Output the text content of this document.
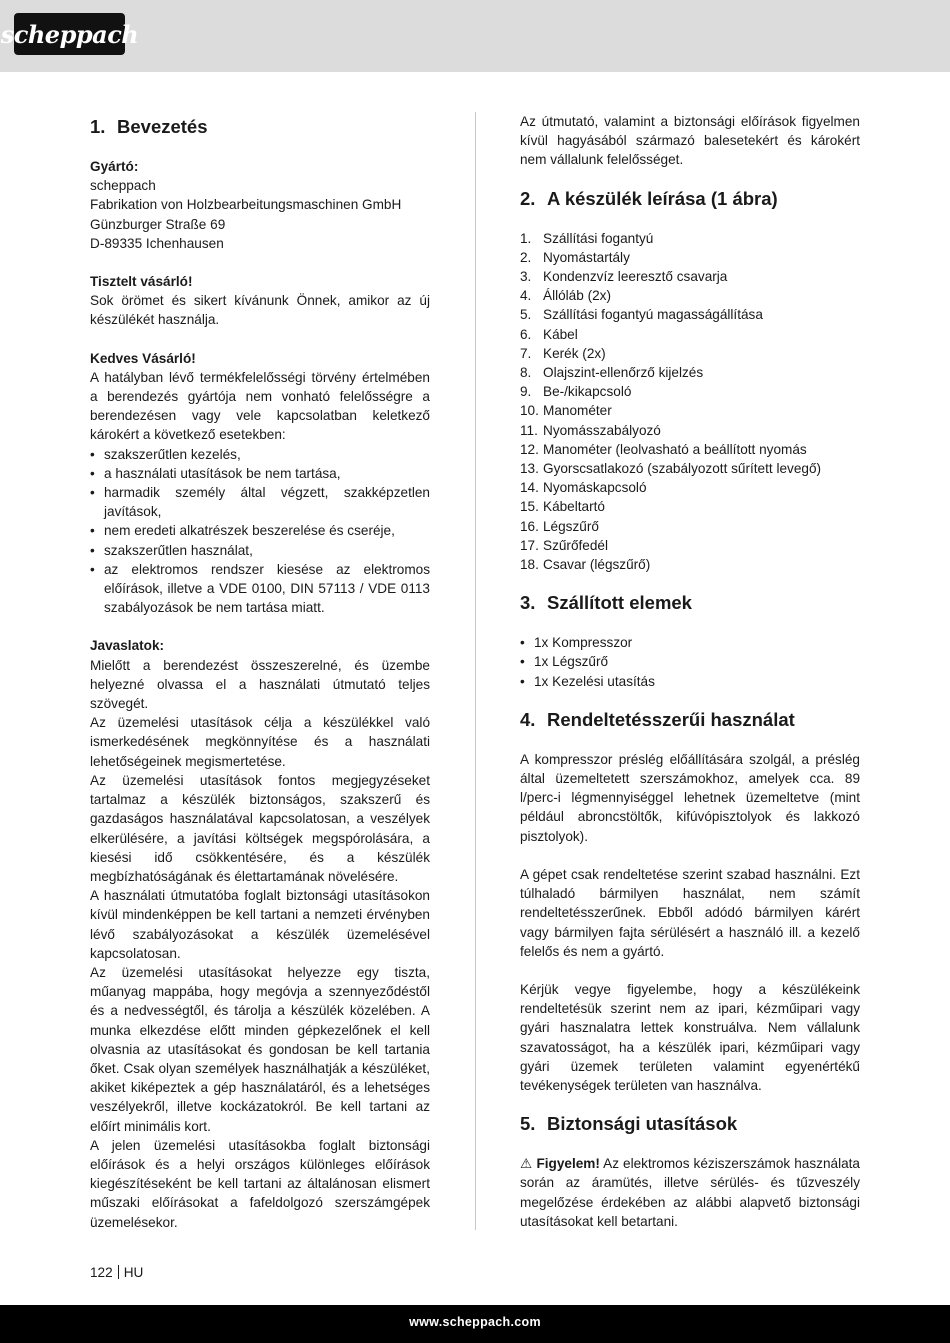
scheppach
1. Bevezetés

Gyártó:

scheppach

Fabrikation von Holzbearbeitungsmaschinen GmbH

Günzburger Straße 69

D-89335 Ichenhausen

Tisztelt vásárló!

Sok örömet és sikert kívánunk Önnek, amikor az új készülékét használja.

Kedves Vásárló!

A hatályban lévő termékfelelősségi törvény értelmében a berendezés gyártója nem vonható felelősségre a berendezésen vagy vele kapcsolatban keletkező károkért a következő esetekben:

• szakszerűtlen kezelés,
• a használati utasítások be nem tartása,
• harmadik személy által végzett, szakképzetlen javítások,
• nem eredeti alkatrészek beszerelése és cseréje,
• szakszerűtlen használat,
• az elektromos rendszer kiesése az elektromos előírások, illetve a VDE 0100, DIN 57113 / VDE 0113 szabályozások be nem tartása miatt.

Javaslatok:

Mielőtt a berendezést összeszerelné, és üzembe helyezné olvassa el a használati útmutató teljes szövegét.

Az üzemelési utasítások célja a készülékkel való ismerkedésének megkönnyítése és a használati lehetőségeinek megismertetése.

Az üzemelési utasítások fontos megjegyzéseket tartalmaz a készülék biztonságos, szakszerű és gazdaságos használatával kapcsolatosan, a veszélyek elkerülésére, a javítási költségek megspórolására, a kiesési idő csökkentésére, és a készülék megbízhatóságának és élettartamának növelésére.

A használati útmutatóba foglalt biztonsági utasításokon kívül mindenképpen be kell tartani a nemzeti érvényben lévő szabályozásokat a készülék üzemelésével kapcsolatosan.

Az üzemelési utasításokat helyezze egy tiszta, műanyag mappába, hogy megóvja a szennyeződéstől és a nedvességtől, és tárolja a készülék közelében. A munka elkezdése előtt minden gépkezelőnek el kell olvasnia az utasításokat és gondosan be kell tartania őket. Csak olyan személyek használhatják a készüléket, akiket kiképeztek a gép használatáról, és a lehetséges veszélyekről, illetve kockázatokról. Be kell tartani az előírt minimális kort.

A jelen üzemelési utasításokba foglalt biztonsági előírások és a helyi országos különleges előírások kiegészítéseként be kell tartani az általánosan elismert műszaki előírásokat a fafeldolgozó szerszámgépek üzemelésekor.

Az útmutató, valamint a biztonsági előírások figyelmen kívül hagyásából származó balesetekért és károkért nem vállalunk felelősséget.

2. A készülék leírása (1 ábra)
1. Szállítási fogantyú
2. Nyomástartály
3. Kondenzvíz leeresztő csavarja
4. Állóláb (2x)
5. Szállítási fogantyú magasságállítása
6. Kábel
7. Kerék (2x)
8. Olajszint-ellenőrző kijelzés
9. Be-/kikapcsoló
10. Manométer
11. Nyomásszabályozó
12. Manométer (leolvasható a beállított nyomás
13. Gyorscsatlakozó (szabályozott sűrített levegő)
14. Nyomáskapcsoló
15. Kábeltartó
16. Légszűrő
17. Szűrőfedél
18. Csavar (légszűrő)
3. Szállított elemek
• 1x Kompresszor
• 1x Légszűrő
• 1x Kezelési utasítás
4. Rendeltetésszerűi használat

A kompresszor préslég előállítására szolgál, a préslég által üzemeltetett szerszámokhoz, amelyek cca. 89 l/perc-i légmennyiséggel lehetnek üzemeltetve (mint például abroncstöltők, kifúvópisztolyok és lakkozó pisztolyok).

A gépet csak rendeltetése szerint szabad használni. Ezt túlhaladó bármilyen használat, nem számít rendeltetésszerűnek. Ebből adódó bármilyen kárért vagy bármilyen fajta sérülésért a használó ill. a kezelő felelős és nem a gyártó.

Kérjük vegye figyelembe, hogy a készülékeink rendeltetésük szerint nem az ipari, kézműipari vagy gyári hasznalatra lettek konstruálva. Nem vállalunk szavatosságot, ha a készülék ipari, kézműipari vagy gyári üzemek területen valamint egyenértékű tevékenységek területen van használva.

5. Biztonsági utasítások

⚠ Figyelem! Az elektromos kéziszerszámok használata során az áramütés, illetve sérülés- és tűzveszély megelőzése érdekében az alábbi alapvető biztonsági utasításokat kell betartani.

122 HU
www.scheppach.com
